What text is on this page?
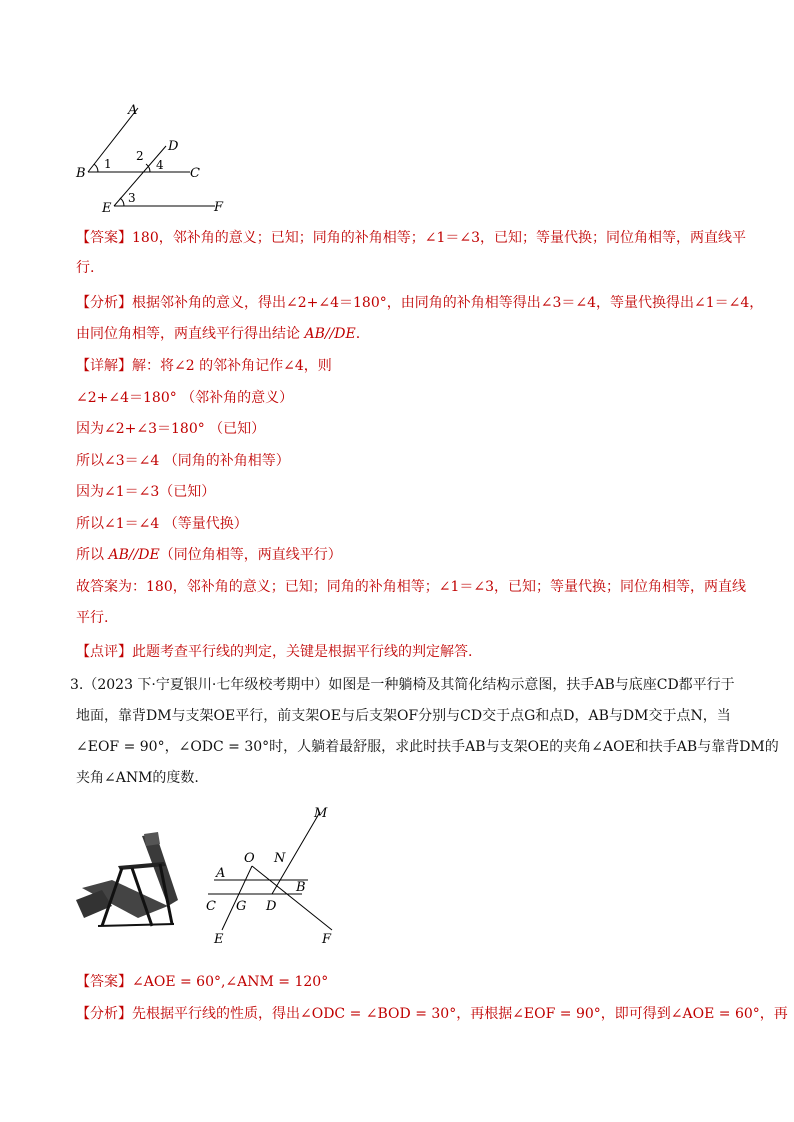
A
B	C
D
E	F
1
2
3
4
【答案】180，邻补角的意义；已知；同角的补角相等；∠1＝∠3，已知；等量代换；同位角相等，两直线平
行.
【分析】根据邻补角的意义，得出∠2+∠4＝180°，由同角的补角相等得出∠3＝∠4，等量代换得出∠1＝∠4，
由同位角相等，两直线平行得出结论 AB//DE.
【详解】解：将∠2 的邻补角记作∠4，则
∠2+∠4＝180° （邻补角的意义）
因为∠2+∠3＝180° （已知）
所以∠3＝∠4 （同角的补角相等）
因为∠1＝∠3（已知）
所以∠1＝∠4 （等量代换）
所以 AB//DE（同位角相等，两直线平行）
故答案为：180，邻补角的意义；已知；同角的补角相等；∠1＝∠3，已知；等量代换；同位角相等，两直线
平行.
【点评】此题考查平行线的判定，关键是根据平行线的判定解答.
3.（2023 下·宁夏银川·七年级校考期中）如图是一种躺椅及其简化结构示意图，扶手AB与底座CD都平行于
地面，靠背DM与支架OE平行，前支架OE与后支架OF分别与CD交于点G和点D，AB与DM交于点N，当
∠EOF = 90°，∠ODC = 30°时，人躺着最舒服，求此时扶手AB与支架OE的夹角∠AOE和扶手AB与靠背DM的
夹角∠ANM的度数.
M
O N
A
B
C G D
E	F
【答案】∠AOE = 60°,∠ANM = 120°
【分析】先根据平行线的性质，得出∠ODC = ∠BOD = 30°，再根据∠EOF = 90°，即可得到∠AOE = 60°，再
